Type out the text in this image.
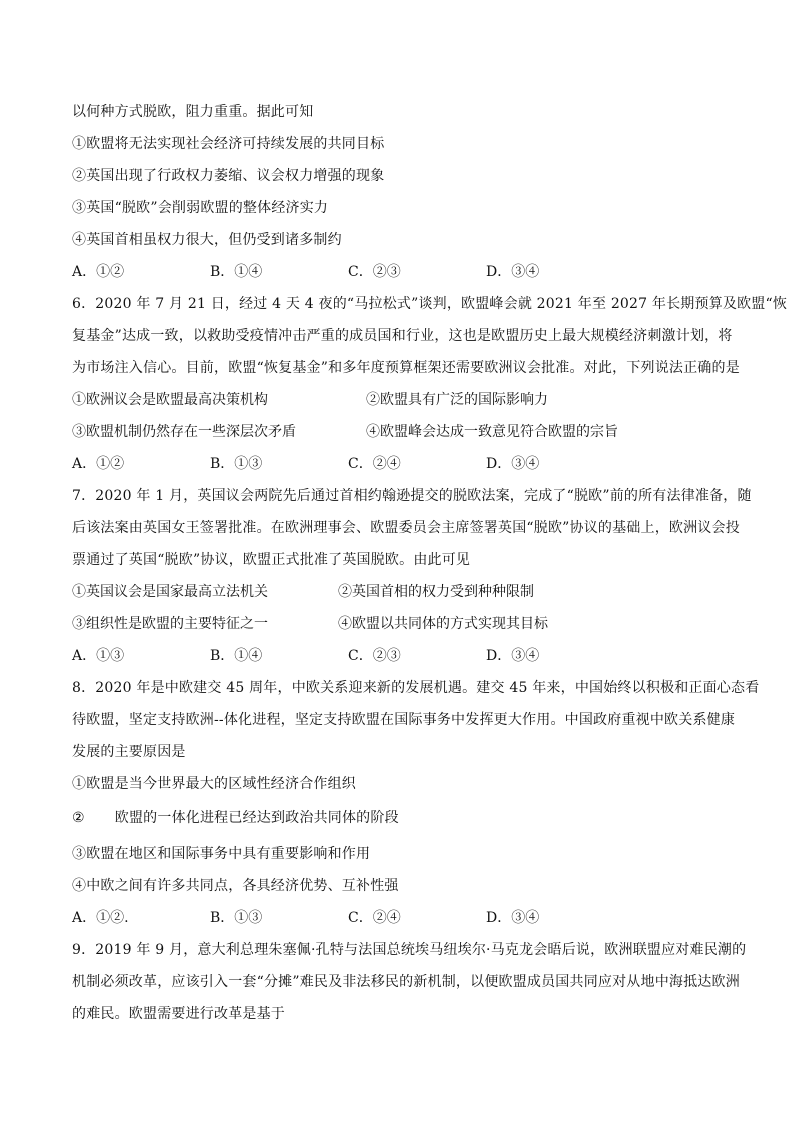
以何种方式脱欧，阻力重重。据此可知
①欧盟将无法实现社会经济可持续发展的共同目标
②英国出现了行政权力萎缩、议会权力增强的现象
③英国“脱欧”会削弱欧盟的整体经济实力
④英国首相虽权力很大，但仍受到诸多制约
A．①②	B．①④	C．②③	D．③④
6．2020 年 7 月 21 日，经过 4 天 4 夜的“马拉松式”谈判，欧盟峰会就 2021 年至 2027 年长期预算及欧盟“恢
复基金”达成一致，以救助受疫情冲击严重的成员国和行业，这也是欧盟历史上最大规模经济刺激计划，将
为市场注入信心。目前，欧盟“恢复基金”和多年度预算框架还需要欧洲议会批准。对此，下列说法正确的是
①欧洲议会是欧盟最高决策机构	②欧盟具有广泛的国际影响力
③欧盟机制仍然存在一些深层次矛盾	④欧盟峰会达成一致意见符合欧盟的宗旨
A．①②	B．①③	C．②④	D．③④
7．2020 年 1 月，英国议会两院先后通过首相约翰逊提交的脱欧法案，完成了“脱欧”前的所有法律准备，随
后该法案由英国女王签署批准。在欧洲理事会、欧盟委员会主席签署英国“脱欧”协议的基础上，欧洲议会投
票通过了英国“脱欧”协议，欧盟正式批准了英国脱欧。由此可见
①英国议会是国家最高立法机关	②英国首相的权力受到种种限制
③组织性是欧盟的主要特征之一	④欧盟以共同体的方式实现其目标
A．①③	B．①④	C．②③	D．③④
8．2020 年是中欧建交 45 周年，中欧关系迎来新的发展机遇。建交 45 年来，中国始终以积极和正面心态看
待欧盟，坚定支持欧洲--体化进程，坚定支持欧盟在国际事务中发挥更大作用。中国政府重视中欧关系健康
发展的主要原因是
①欧盟是当今世界最大的区域性经济合作组织
② 欧盟的一体化进程已经达到政治共同体的阶段
③欧盟在地区和国际事务中具有重要影响和作用
④中欧之间有许多共同点，各具经济优势、互补性强
A．①②.	B．①③	C．②④	D．③④
9．2019 年 9 月，意大利总理朱塞佩·孔特与法国总统埃马纽埃尔·马克龙会晤后说，欧洲联盟应对难民潮的
机制必须改革，应该引入一套“分摊”难民及非法移民的新机制，以便欧盟成员国共同应对从地中海抵达欧洲
的难民。欧盟需要进行改革是基于
